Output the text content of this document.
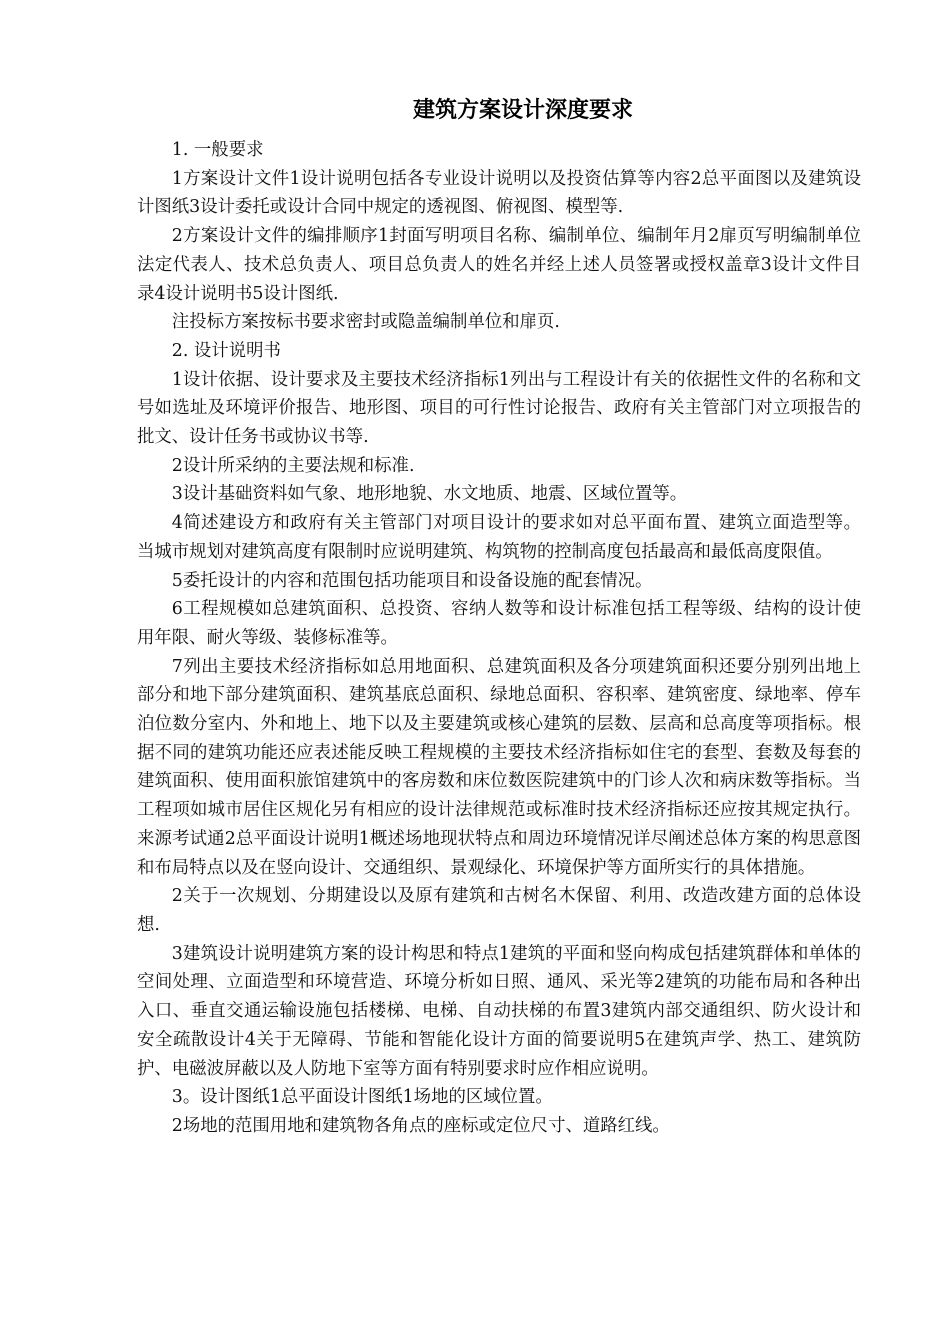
建筑方案设计深度要求

1. 一般要求

1方案设计文件1设计说明包括各专业设计说明以及投资估算等内容2总平面图以及建筑设计图纸3设计委托或设计合同中规定的透视图、俯视图、模型等.

2方案设计文件的编排顺序1封面写明项目名称、编制单位、编制年月2扉页写明编制单位法定代表人、技术总负责人、项目总负责人的姓名并经上述人员签署或授权盖章3设计文件目录4设计说明书5设计图纸.

注投标方案按标书要求密封或隐盖编制单位和扉页.

2. 设计说明书

1设计依据、设计要求及主要技术经济指标1列出与工程设计有关的依据性文件的名称和文号如选址及环境评价报告、地形图、项目的可行性讨论报告、政府有关主管部门对立项报告的批文、设计任务书或协议书等.

2设计所采纳的主要法规和标准.

3设计基础资料如气象、地形地貌、水文地质、地震、区域位置等。

4简述建设方和政府有关主管部门对项目设计的要求如对总平面布置、建筑立面造型等。当城市规划对建筑高度有限制时应说明建筑、构筑物的控制高度包括最高和最低高度限值。

5委托设计的内容和范围包括功能项目和设备设施的配套情况。

6工程规模如总建筑面积、总投资、容纳人数等和设计标准包括工程等级、结构的设计使用年限、耐火等级、装修标准等。

7列出主要技术经济指标如总用地面积、总建筑面积及各分项建筑面积还要分别列出地上部分和地下部分建筑面积、建筑基底总面积、绿地总面积、容积率、建筑密度、绿地率、停车泊位数分室内、外和地上、地下以及主要建筑或核心建筑的层数、层高和总高度等项指标。根据不同的建筑功能还应表述能反映工程规模的主要技术经济指标如住宅的套型、套数及每套的建筑面积、使用面积旅馆建筑中的客房数和床位数医院建筑中的门诊人次和病床数等指标。当工程项如城市居住区规化另有相应的设计法律规范或标准时技术经济指标还应按其规定执行。来源考试通2总平面设计说明1概述场地现状特点和周边环境情况详尽阐述总体方案的构思意图和布局特点以及在竖向设计、交通组织、景观绿化、环境保护等方面所实行的具体措施。

2关于一次规划、分期建设以及原有建筑和古树名木保留、利用、改造改建方面的总体设想.

3建筑设计说明建筑方案的设计构思和特点1建筑的平面和竖向构成包括建筑群体和单体的空间处理、立面造型和环境营造、环境分析如日照、通风、采光等2建筑的功能布局和各种出入口、垂直交通运输设施包括楼梯、电梯、自动扶梯的布置3建筑内部交通组织、防火设计和安全疏散设计4关于无障碍、节能和智能化设计方面的简要说明5在建筑声学、热工、建筑防护、电磁波屏蔽以及人防地下室等方面有特别要求时应作相应说明。

3。设计图纸1总平面设计图纸1场地的区域位置。

2场地的范围用地和建筑物各角点的座标或定位尺寸、道路红线。
